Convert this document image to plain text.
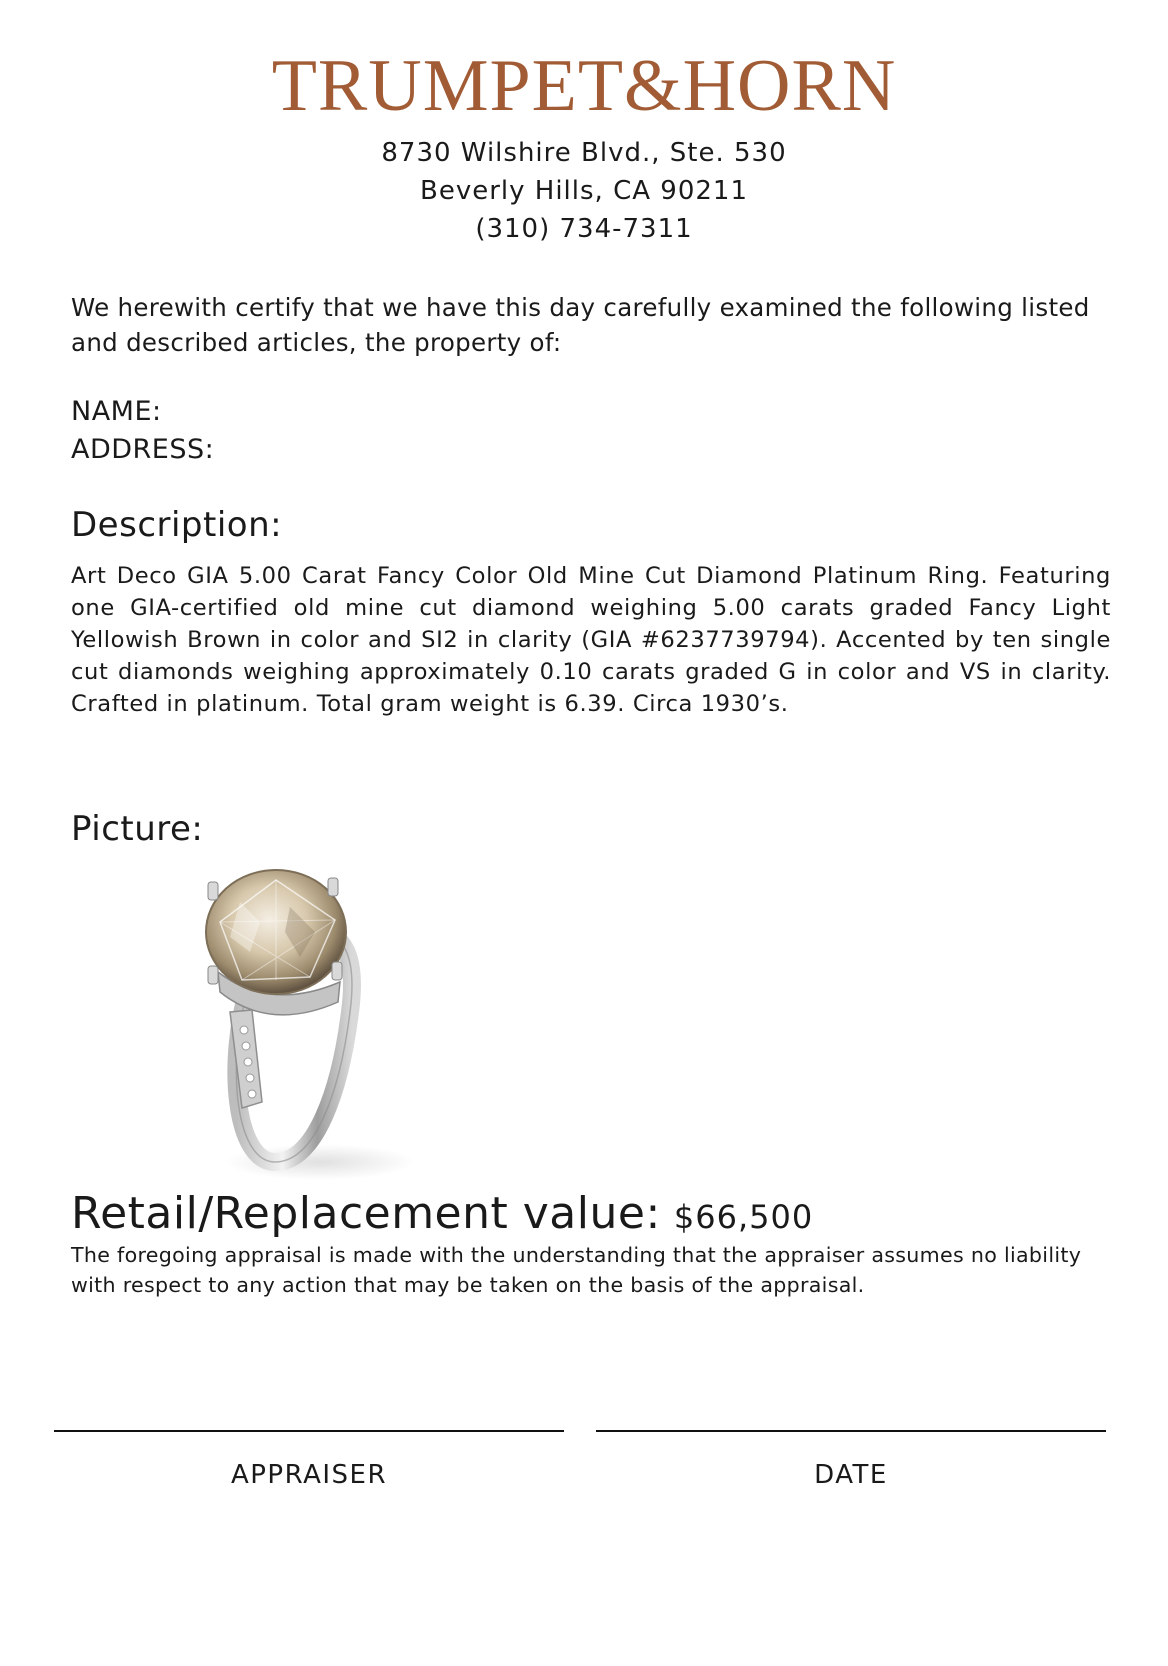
TRUMPET&HORN
8730 Wilshire Blvd., Ste. 530
Beverly Hills, CA 90211
(310) 734-7311
We herewith certify that we have this day carefully examined the following listed and described articles, the property of:
NAME:
ADDRESS:
Description:
Art Deco GIA 5.00 Carat Fancy Color Old Mine Cut Diamond Platinum Ring. Featuring one GIA-certified old mine cut diamond weighing 5.00 carats graded Fancy Light Yellowish Brown in color and SI2 in clarity (GIA #6237739794). Accented by ten single cut diamonds weighing approximately 0.10 carats graded G in color and VS in clarity. Crafted in platinum. Total gram weight is 6.39. Circa 1930’s.
Picture:
Retail/Replacement value: $66,500
The foregoing appraisal is made with the understanding that the appraiser assumes no liability with respect to any action that may be taken on the basis of the appraisal.
APPRAISER	DATE
